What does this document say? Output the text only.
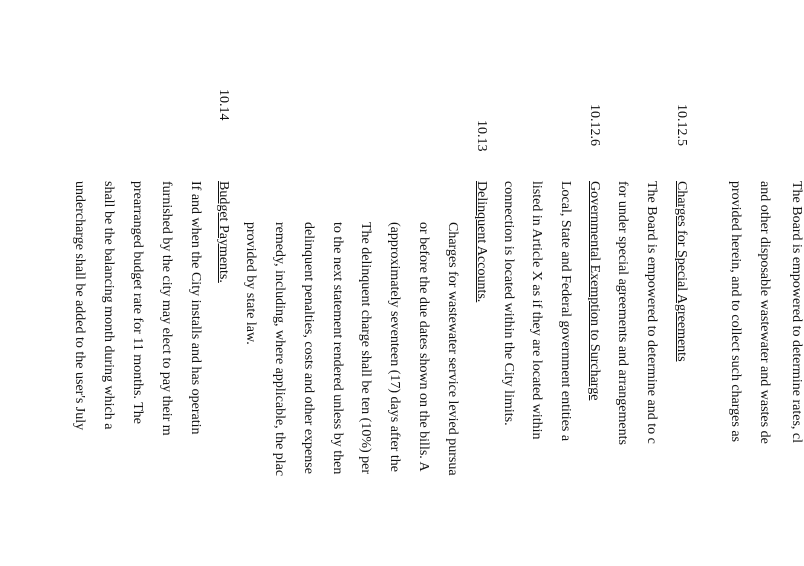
The Board is empowered to determine rates, cl
and other disposable wastewater and wastes de
provided herein, and to collect such charges as
10.12.5
Charges for Special Agreements
The Board is empowered to determine and to c
for under special agreements and arrangements
10.12.6
Governmental Exemption to Surcharge
Local, State and Federal government entities a
listed in Article X as if they are located within
connection is located within the City limits.
10.13
Delinquent Accounts.
Charges for wastewater service levied pursua
or before the due dates shown on the bills. A
(approximately seventeen (17) days after the
The delinquent charge shall be ten (10%) per
to the next statement rendered unless by then
delinquent penalties, costs and other expense
remedy, including, where applicable, the plac
provided by state law.
10.14
Budget Payments.
If and when the City installs and has operatin
furnished by the city may elect to pay their m
prearranged budget rate for 11 months. The
shall be the balancing month during which a
undercharge shall be added to the user's July
